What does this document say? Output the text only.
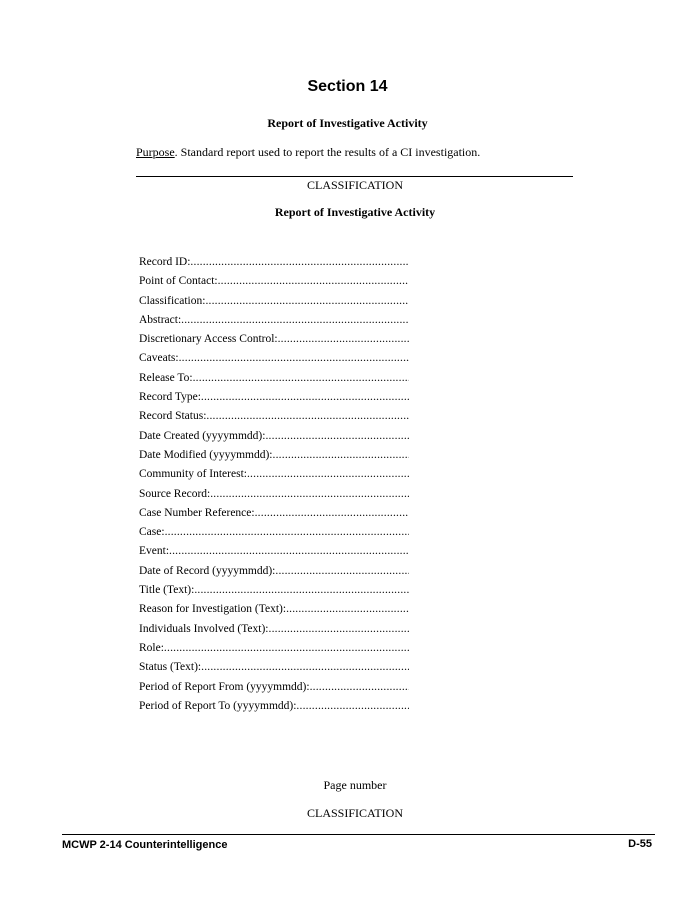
Section 14
Report of Investigative Activity
Purpose. Standard report used to report the results of a CI investigation.
CLASSIFICATION
Report of Investigative Activity
Record ID:
.....
Point of Contact:
.....
Classification:
.....
Abstract:
.....
Discretionary Access Control:
.....
Caveats:
.....
Release To:
.....
Record Type:
.....
Record Status:
.....
Date Created (yyyymmdd):
.....
Date Modified (yyyymmdd):
.....
Community of Interest:
.....
Source Record:
.....
Case Number Reference:
.....
Case:
.....
Event:
.....
Date of Record (yyyymmdd):
.....
Title (Text):
.....
Reason for Investigation (Text):
.....
Individuals Involved (Text):
.....
Role:
.....
Status (Text):
.....
Period of Report From (yyyymmdd):
.....
Period of Report To (yyyymmdd):
.....
Page number
CLASSIFICATION
MCWP 2-14 Counterintelligence	D-55
